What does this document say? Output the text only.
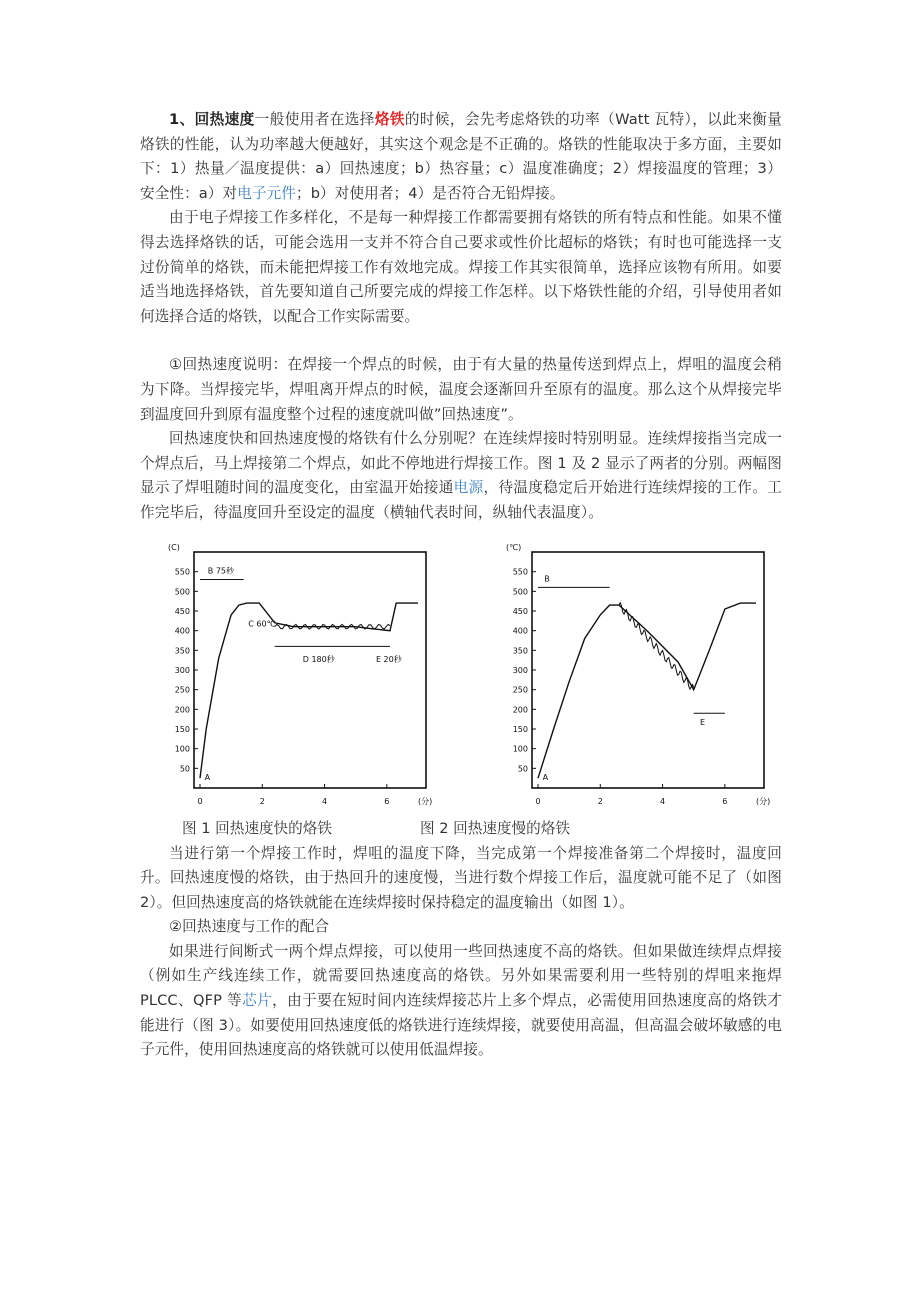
1、回热速度一般使用者在选择烙铁的时候，会先考虑烙铁的功率（Watt 瓦特），以此来衡量烙铁的性能，认为功率越大便越好，其实这个观念是不正确的。烙铁的性能取决于多方面，主要如下：1）热量／温度提供：a）回热速度；b）热容量；c）温度准确度；2）焊接温度的管理；3）安全性：a）对电子元件；b）对使用者；4）是否符合无铅焊接。

由于电子焊接工作多样化，不是每一种焊接工作都需要拥有烙铁的所有特点和性能。如果不懂得去选择烙铁的话，可能会选用一支并不符合自己要求或性价比超标的烙铁；有时也可能选择一支过份简单的烙铁，而未能把焊接工作有效地完成。焊接工作其实很简单，选择应该物有所用。如要适当地选择烙铁，首先要知道自己所要完成的焊接工作怎样。以下烙铁性能的介绍，引导使用者如何选择合适的烙铁，以配合工作实际需要。

①回热速度说明：在焊接一个焊点的时候，由于有大量的热量传送到焊点上，焊咀的温度会稍为下降。当焊接完毕，焊咀离开焊点的时候，温度会逐渐回升至原有的温度。那么这个从焊接完毕到温度回升到原有温度整个过程的速度就叫做”回热速度”。

回热速度快和回热速度慢的烙铁有什么分别呢？在连续焊接时特别明显。连续焊接指当完成一个焊点后，马上焊接第二个焊点，如此不停地进行焊接工作。图 1 及 2 显示了两者的分别。两幅图显示了焊咀随时间的温度变化，由室温开始接通电源，待温度稳定后开始进行连续焊接的工作。工作完毕后，待温度回升至设定的温度（横轴代表时间，纵轴代表温度）。

(C)
(分)
50
100
150
200
250
300
350
400
450
500
550
0	2	4	6
A
B 75秒
C 60℃
D 180秒	E 20秒
(℃)
(分)
50
100
150
200
250
300
350
400
450
500
550
0	2	4	6
A
B
E
图 1 回热速度快的烙铁	图 2 回热速度慢的烙铁

当进行第一个焊接工作时，焊咀的温度下降，当完成第一个焊接准备第二个焊接时，温度回升。回热速度慢的烙铁，由于热回升的速度慢，当进行数个焊接工作后，温度就可能不足了（如图 2）。但回热速度高的烙铁就能在连续焊接时保持稳定的温度输出（如图 1）。

②回热速度与工作的配合

如果进行间断式一两个焊点焊接，可以使用一些回热速度不高的烙铁。但如果做连续焊点焊接（例如生产线连续工作，就需要回热速度高的烙铁。另外如果需要利用一些特别的焊咀来拖焊 PLCC、QFP 等芯片，由于要在短时间内连续焊接芯片上多个焊点，必需使用回热速度高的烙铁才能进行（图 3）。如要使用回热速度低的烙铁进行连续焊接，就要使用高温，但高温会破坏敏感的电子元件，使用回热速度高的烙铁就可以使用低温焊接。
